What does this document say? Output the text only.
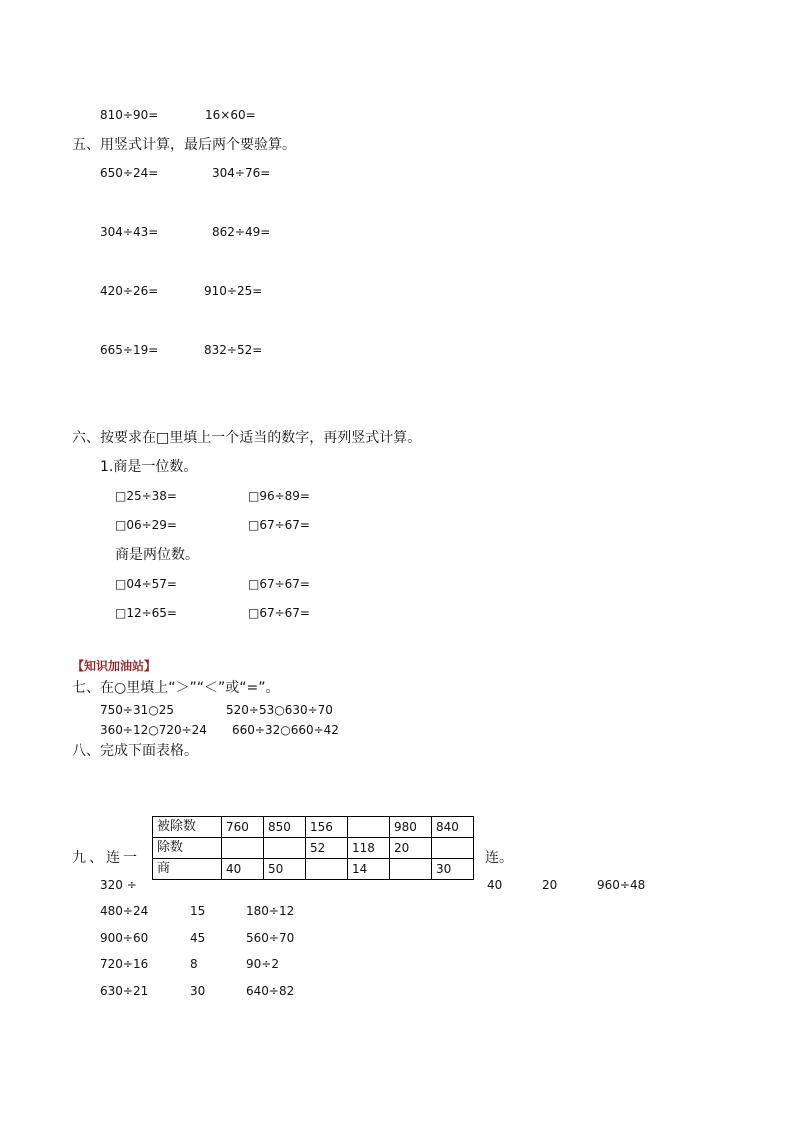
810÷90=	16×60=
五、用竖式计算，最后两个要验算。
650÷24=	304÷76=
304÷43=	862÷49=
420÷26=	910÷25=
665÷19=	832÷52=
六、按要求在□里填上一个适当的数字，再列竖式计算。
1.商是一位数。
□25÷38=	□96÷89=
□06÷29=	□67÷67=
商是两位数。
□04÷57=	□67÷67=
□12÷65=	□67÷67=
【知识加油站】
七、在○里填上“＞”“＜”或“=”。
750÷31○25	520÷53○630÷70
360÷12○720÷24 660÷32○660÷42
八、完成下面表格。
被除数	760	850	156		980	840
除数			52	118	20	
商	40	50		14		30
九、连一	连。
320 ÷	40	20	960÷48
480÷24	15	180÷12
900÷60	45	560÷70
720÷16	8	90÷2
630÷21	30	640÷82
